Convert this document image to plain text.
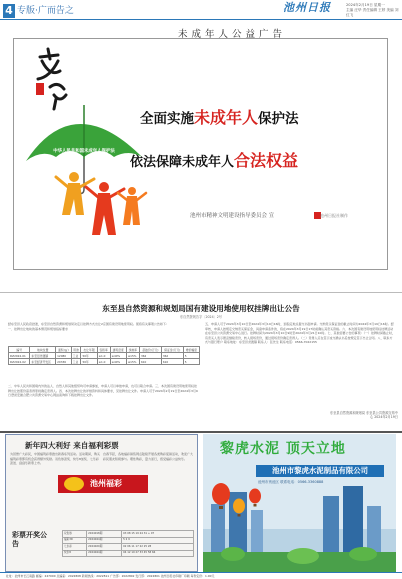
4 专版·广而告之	池州日报	2024年2月19日 星期一
主编 汪华 责任编辑 王婷 美编 刘红飞
未成年人公益广告
中华人民共和国未成年人保护法
全面实施未成年人保护法
依法保障未成年人合法权益
池州市精神文明建设指导委员会 宣	池州日报社制作
东至县自然资源和规划局国有建设用地使用权挂牌出让公告
东自然资规告字〔2024〕2号

经东至县人民政府批准，东至县自然资源和规划局决定以挂牌方式出让2宗国有建设用地使用权。现将有关事项公告如下：

一、挂牌出让地块的基本情况和规划指标要求

编号	地块位置	面积(㎡)	用途	出让年限	容积率	建筑密度	绿地率	起始价(万元)	保证金(万元)	增价幅度
DZ2024-01	东至县尧渡镇	12080	工业	50年	≥1.0	≥40%	≤15%	362	362	5
DZ2024-02	东至经济开发区	20336	工业	50年	≥1.0	≥40%	≤15%	610	610	5
二、中华人民共和国境内外的法人、自然人和其他组织均可申请参加，申请人可以单独申请，也可以联合申请。三、本次国有建设用地使用权挂牌出让按照价高者得原则确定竞得人。四、本次挂牌出让的详细资料和具体要求，见挂牌出让文件。申请人可于2024年2月19日至2024年3月9日登录安徽合肥公共资源交易中心网站查询和下载挂牌出让文件。
五、申请人可于2024年3月10日至2024年3月19日16时，到指定地点提交书面申请。交纳竞买保证金的截止时间为2024年3月19日16时。经审核，申请人按规定交纳竞买保证金，具备申请条件的，将在2024年3月19日17时前确认其竞买资格。六、本次国有建设用地使用权挂牌活动在东至县公共资源交易中心进行。挂牌时间为2024年3月10日9时至2024年3月21日10时。七、其他需要公告的事项：（一）挂牌时间截止时，有竞买人表示愿意继续竞价，转入现场竞价，通过现场竞价确定竞得人。（二）竞得人应在签订成交确认书后按规定签订出让合同。八、联系方式与银行账户 联系地址：东至县尧渡镇 联系人：张先生 联系电话：0566-7022155
东至县自然资源和规划局 东至县公共资源交易中心 2024年2月19日
新年四大利好 来自福利彩票
为回馈广大彩民，中国福利彩票推出新春系列活动。活动期间，购买福利彩票即有机会获得额外奖励。双色球派奖、快乐8加奖、七乐彩派送、刮刮乐新票上市。
自春节起，各地福彩销售网点陆续开展各类购彩促销活动，欢迎广大彩民朋友积极参与。理性购彩，量力而行，感受福彩公益快乐。
池州福彩
彩票开奖公告
双色球	2024018期	03 08 15 19 24 31 + 07
福彩3D	2024044期	5 2 9
七乐彩	2024020期	02 06 11 17 22 25 28
快乐8	2024044期	04 12 19 27 33 45 58 66
黎虎水泥 顶天立地
池州市黎虎水泥制品有限公司
池州市贵池区 联系电话：0566-3360888
社址：池州市长江南路 邮编：247000 总编室：2022808 新闻热线：2022811 广告部：2022802 发行部：2022801 池州日报社印刷厂印刷 每份定价：1.00元
